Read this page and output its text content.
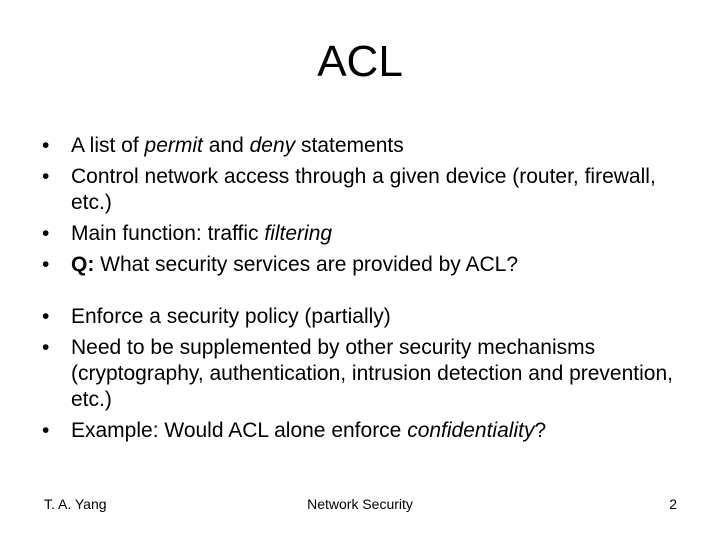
ACL
• A list of permit and deny statements
• Control network access through a given device (router, firewall, etc.)
• Main function: traffic filtering
• Q: What security services are provided by ACL?
• Enforce a security policy (partially)
• Need to be supplemented by other security mechanisms (cryptography, authentication, intrusion detection and prevention, etc.)
• Example: Would ACL alone enforce confidentiality?
T. A. Yang	Network Security	2
